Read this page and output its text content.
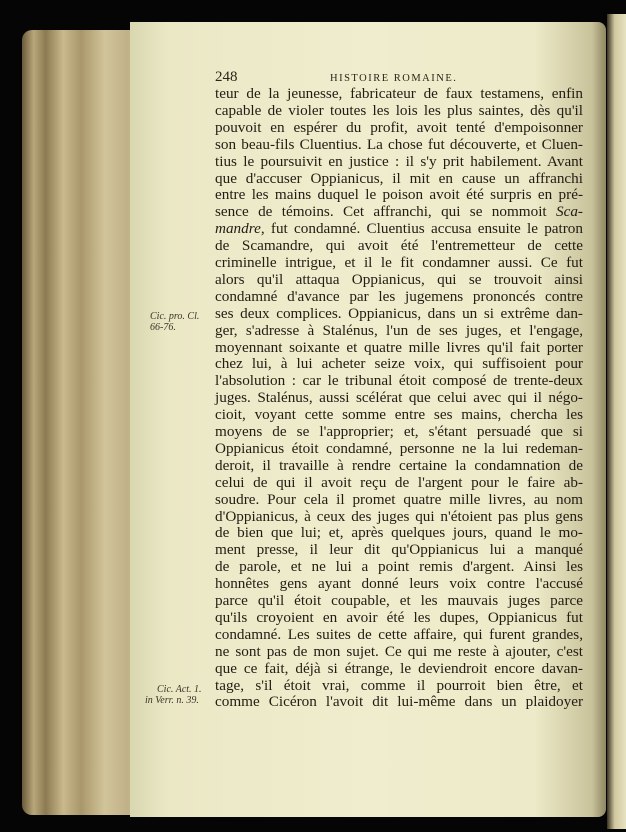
248	HISTOIRE ROMAINE.
teur de la jeunesse, fabricateur de faux testamens, enfin
capable de violer toutes les lois les plus saintes, dès qu'il
pouvoit en espérer du profit, avoit tenté d'empoisonner
son beau-fils Cluentius. La chose fut découverte, et Cluen-
tius le poursuivit en justice : il s'y prit habilement. Avant
que d'accuser Oppianicus, il mit en cause un affranchi
entre les mains duquel le poison avoit été surpris en pré-
sence de témoins. Cet affranchi, qui se nommoit Sca-
mandre, fut condamné. Cluentius accusa ensuite le patron
de Scamandre, qui avoit été l'entremetteur de cette
criminelle intrigue, et il le fit condamner aussi. Ce fut
alors qu'il attaqua Oppianicus, qui se trouvoit ainsi
condamné d'avance par les jugemens prononcés contre
ses deux complices. Oppianicus, dans un si extrême dan-
ger, s'adresse à Stalénus, l'un de ses juges, et l'engage,
moyennant soixante et quatre mille livres qu'il fait porter
chez lui, à lui acheter seize voix, qui suffisoient pour
l'absolution : car le tribunal étoit composé de trente-deux
juges. Stalénus, aussi scélérat que celui avec qui il négo-
cioit, voyant cette somme entre ses mains, chercha les
moyens de se l'approprier; et, s'étant persuadé que si
Oppianicus étoit condamné, personne ne la lui redeman-
deroit, il travaille à rendre certaine la condamnation de
celui de qui il avoit reçu de l'argent pour le faire ab-
soudre. Pour cela il promet quatre mille livres, au nom
d'Oppianicus, à ceux des juges qui n'étoient pas plus gens
de bien que lui; et, après quelques jours, quand le mo-
ment presse, il leur dit qu'Oppianicus lui a manqué
de parole, et ne lui a point remis d'argent. Ainsi les
honnêtes gens ayant donné leurs voix contre l'accusé
parce qu'il étoit coupable, et les mauvais juges parce
qu'ils croyoient en avoir été les dupes, Oppianicus fut
condamné. Les suites de cette affaire, qui furent grandes,
ne sont pas de mon sujet. Ce qui me reste à ajouter, c'est
que ce fait, déjà si étrange, le deviendroit encore davan-
tage, s'il étoit vrai, comme il pourroit bien être, et
comme Cicéron l'avoit dit lui-même dans un plaidoyer
Cic. pro. Cl.
66-76.
Cic. Act. 1.
in Verr. n. 39.
